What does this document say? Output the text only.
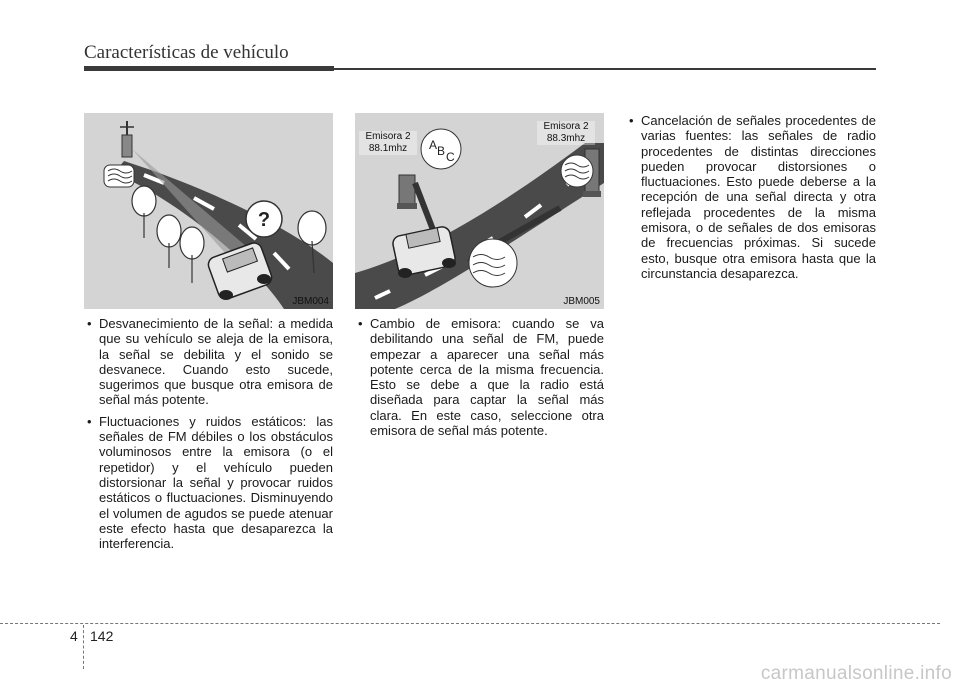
Características de vehículo
?
JBM004
A B C
Emisora 2
88.1mhz
Emisora 2
88.3mhz
JBM005

• Desvanecimiento de la señal: a medida que su vehículo se aleja de la emisora, la señal se debilita y el sonido se desvanece. Cuando esto sucede, sugerimos que busque otra emisora de señal más potente.

• Fluctuaciones y ruidos estáticos: las señales de FM débiles o los obstáculos voluminosos entre la emisora (o el repetidor) y el vehículo pueden distorsionar la señal y provocar ruidos estáticos o fluctuaciones. Disminuyendo el volumen de agudos se puede atenuar este efecto hasta que desaparezca la interferencia.

• Cambio de emisora: cuando se va debilitando una señal de FM, puede empezar a aparecer una señal más potente cerca de la misma frecuencia. Esto se debe a que la radio está diseñada para captar la señal más clara. En este caso, seleccione otra emisora de señal más potente.

• Cancelación de señales procedentes de varias fuentes: las señales de radio procedentes de distintas direcciones pueden provocar distorsiones o fluctuaciones. Esto puede deberse a la recepción de una señal directa y otra reflejada procedentes de la misma emisora, o de señales de dos emisoras de frecuencias próximas. Si sucede esto, busque otra emisora hasta que la circunstancia desaparezca.

4 142
carmanualsonline.info
